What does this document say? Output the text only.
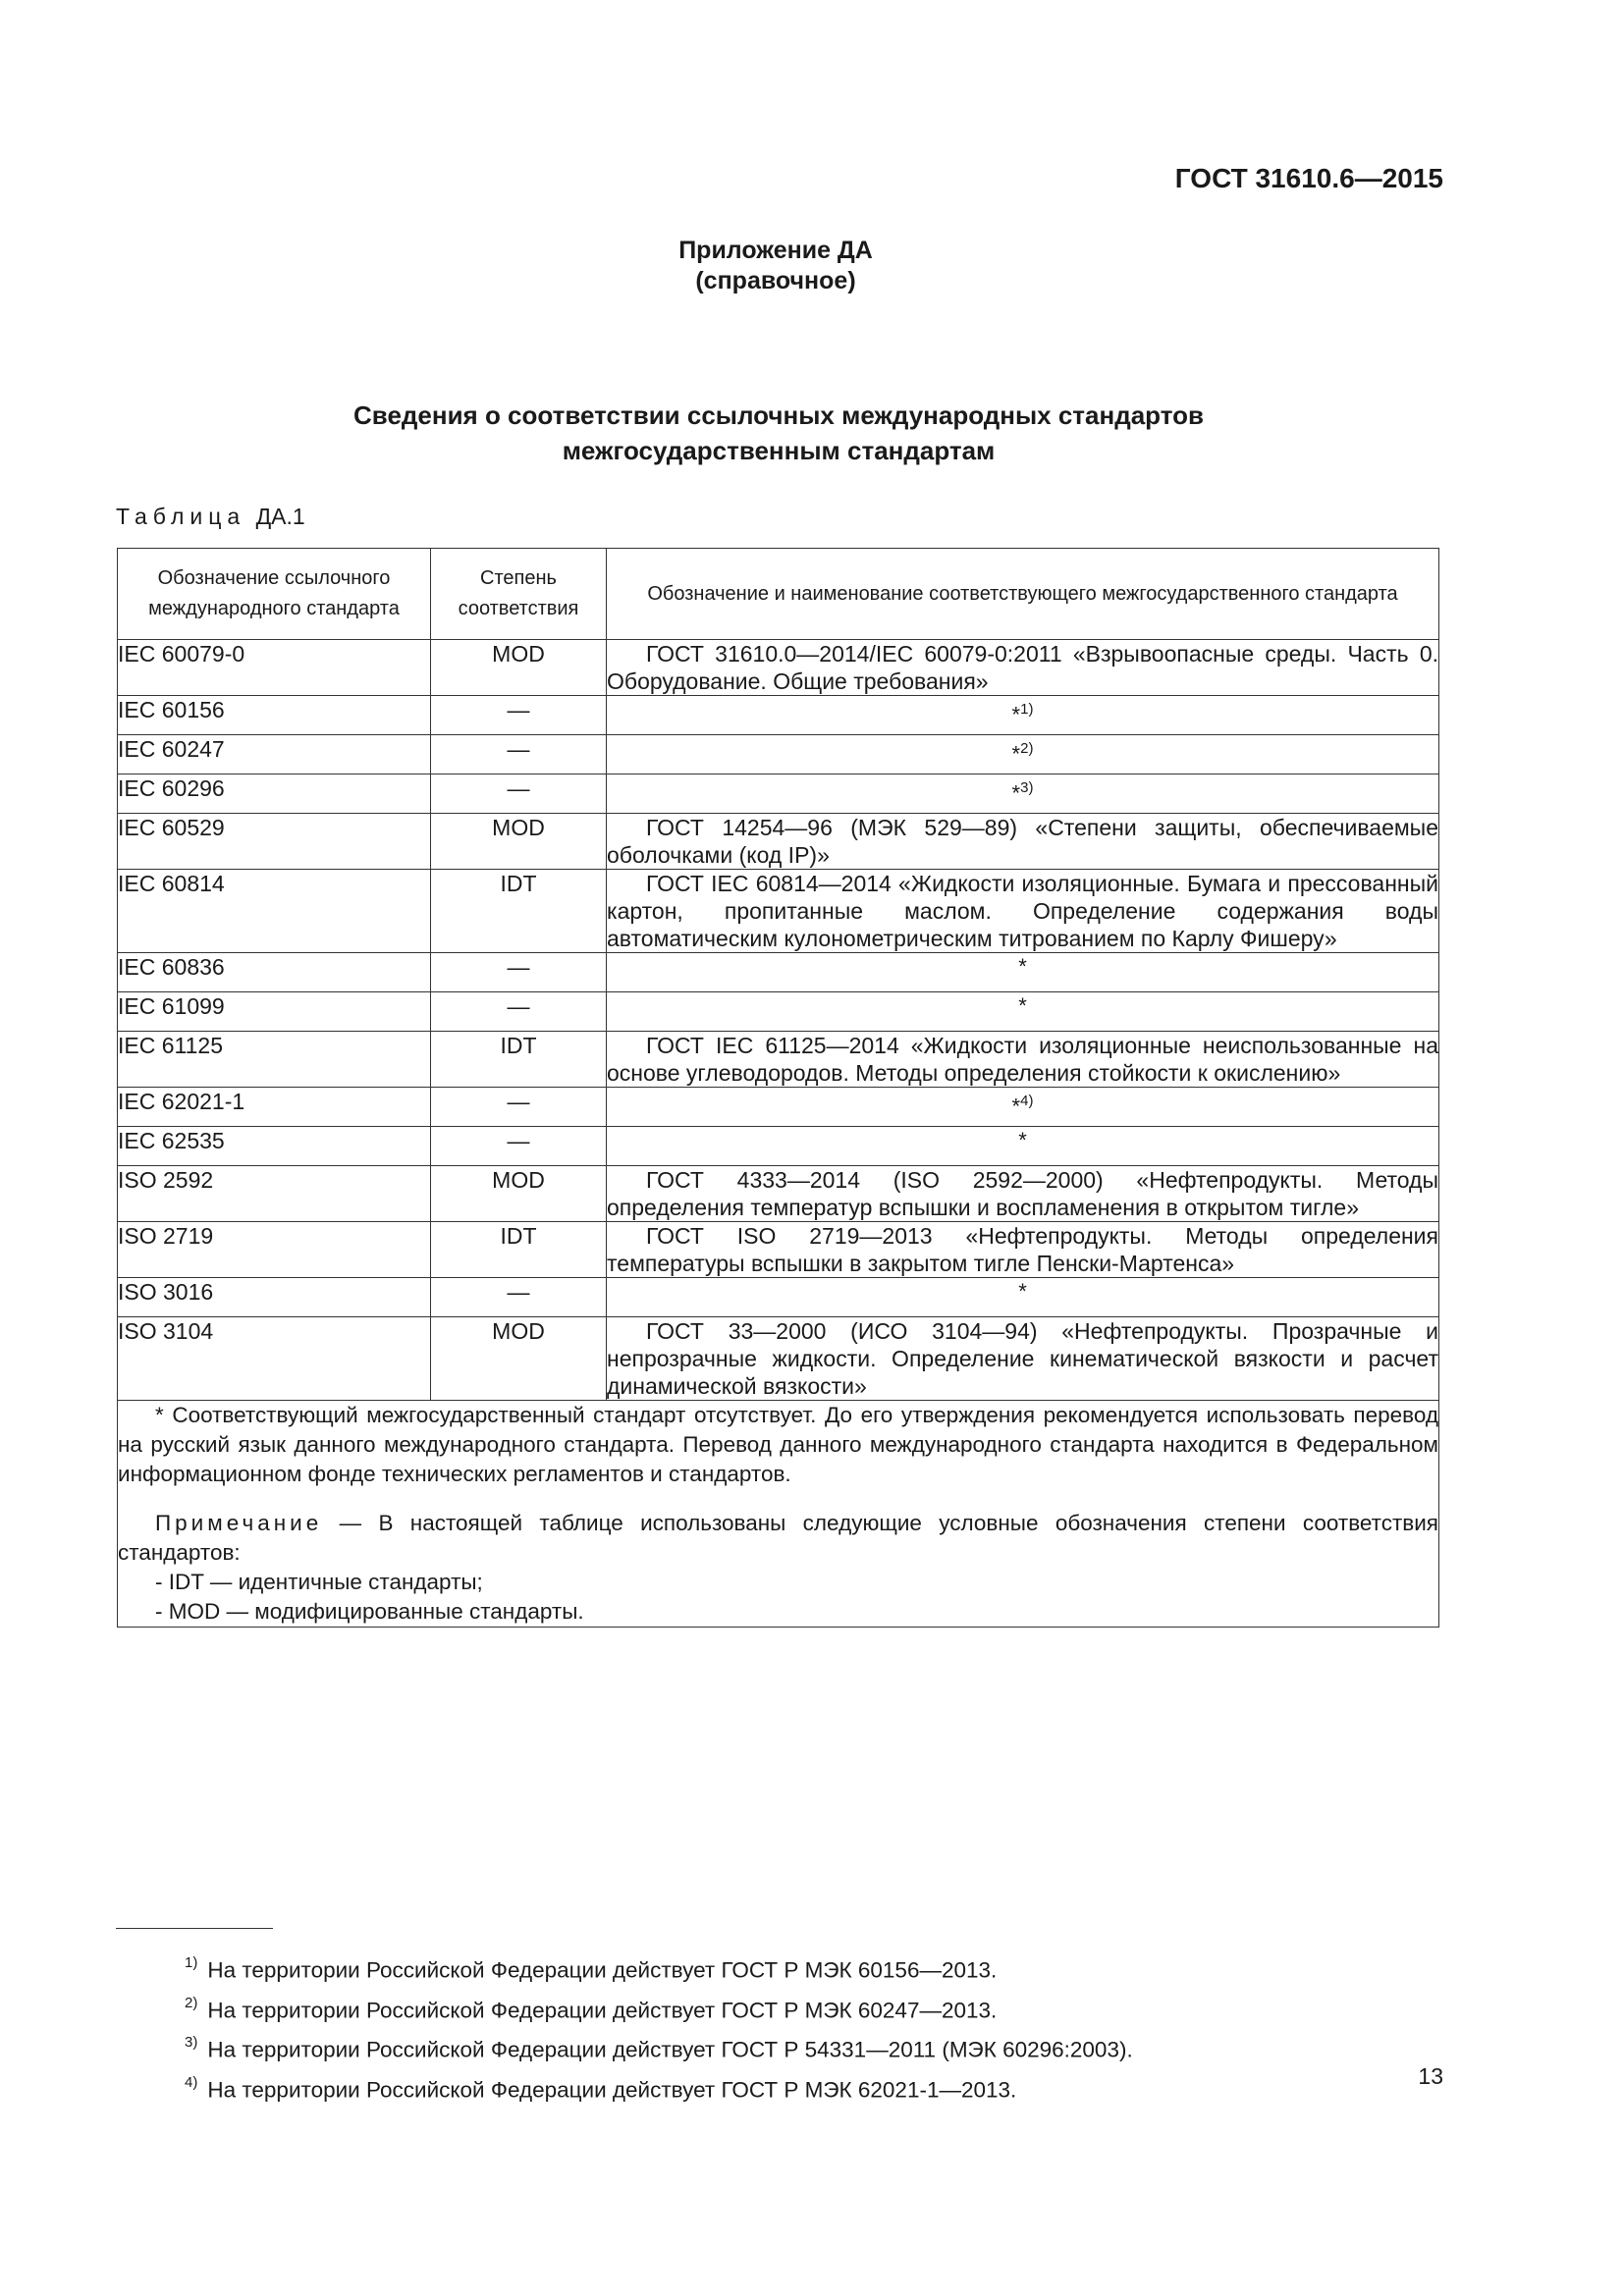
ГОСТ 31610.6—2015
Приложение ДА
(справочное)
Сведения о соответствии ссылочных международных стандартов
межгосударственным стандартам
Таблица ДА.1
Обозначение ссылочного международного стандарта	Степень соответствия	Обозначение и наименование соответствующего межгосударственного стандарта
IEC 60079-0	MOD	ГОСТ 31610.0—2014/IEC 60079-0:2011 «Взрывоопасные среды. Часть 0. Оборудование. Общие требования»
IEC 60156	—	*$^{1)}$
IEC 60247	—	*$^{2)}$
IEC 60296	—	*$^{3)}$
IEC 60529	MOD	ГОСТ 14254—96 (МЭК 529—89) «Степени защиты, обеспечиваемые оболочками (код IP)»
IEC 60814	IDT	ГОСТ IEC 60814—2014 «Жидкости изоляционные. Бумага и прессованный картон, пропитанные маслом. Определение содержания воды автоматическим кулонометрическим титрованием по Карлу Фишеру»
IEC 60836	—	*
IEC 61099	—	*
IEC 61125	IDT	ГОСТ IEC 61125—2014 «Жидкости изоляционные неиспользованные на основе углеводородов. Методы определения стойкости к окислению»
IEC 62021-1	—	*$^{4)}$
IEC 62535	—	*
ISO 2592	MOD	ГОСТ 4333—2014 (ISO 2592—2000) «Нефтепродукты. Методы определения температур вспышки и воспламенения в открытом тигле»
ISO 2719	IDT	ГОСТ ISO 2719—2013 «Нефтепродукты. Методы определения температуры вспышки в закрытом тигле Пенски-Мартенса»
ISO 3016	—	*
ISO 3104	MOD	ГОСТ 33—2000 (ИСО 3104—94) «Нефтепродукты. Прозрачные и непрозрачные жидкости. Определение кинематической вязкости и расчет динамической вязкости»

* Соответствующий межгосударственный стандарт отсутствует. До его утверждения рекомендуется использовать перевод на русский язык данного международного стандарта. Перевод данного международного стандарта находится в Федеральном информационном фонде технических регламентов и стандартов.
Примечание — В настоящей таблице использованы следующие условные обозначения степени соответствия стандартов:
- IDT — идентичные стандарты;
- MOD — модифицированные стандарты.		
$^{1)}$ На территории Российской Федерации действует ГОСТ Р МЭК 60156—2013.
$^{2)}$ На территории Российской Федерации действует ГОСТ Р МЭК 60247—2013.
$^{3)}$ На территории Российской Федерации действует ГОСТ Р 54331—2011 (МЭК 60296:2003).
$^{4)}$ На территории Российской Федерации действует ГОСТ Р МЭК 62021-1—2013.
13
